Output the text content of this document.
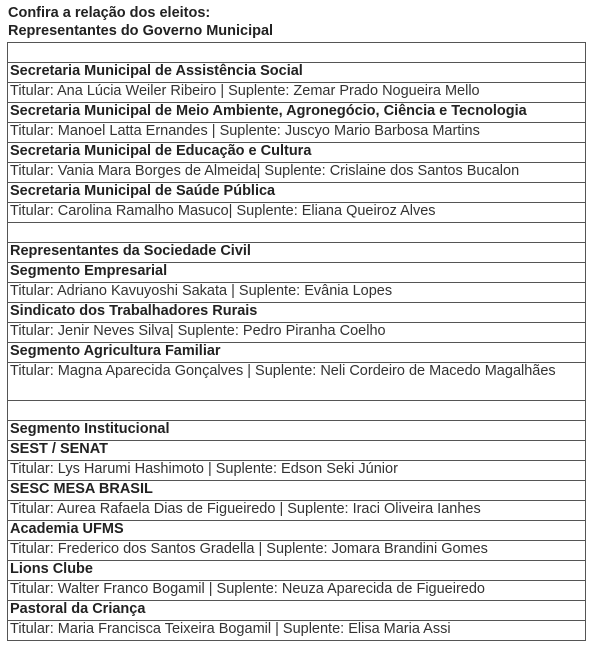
Confira a relação dos eleitos:
Representantes do Governo Municipal

Secretaria Municipal de Assistência Social
Titular: Ana Lúcia Weiler Ribeiro | Suplente: Zemar Prado Nogueira Mello
Secretaria Municipal de Meio Ambiente, Agronegócio, Ciência e Tecnologia
Titular: Manoel Latta Ernandes | Suplente: Juscyo Mario Barbosa Martins
Secretaria Municipal de Educação e Cultura
Titular: Vania Mara Borges de Almeida| Suplente: Crislaine dos Santos Bucalon
Secretaria Municipal de Saúde Pública
Titular: Carolina Ramalho Masuco| Suplente: Eliana Queiroz Alves

Representantes da Sociedade Civil
Segmento Empresarial
Titular: Adriano Kavuyoshi Sakata | Suplente: Evânia Lopes
Sindicato dos Trabalhadores Rurais
Titular: Jenir Neves Silva| Suplente: Pedro Piranha Coelho
Segmento Agricultura Familiar
Titular: Magna Aparecida Gonçalves | Suplente: Neli Cordeiro de Macedo Magalhães

Segmento Institucional
SEST / SENAT
Titular: Lys Harumi Hashimoto | Suplente: Edson Seki Júnior
SESC MESA BRASIL
Titular: Aurea Rafaela Dias de Figueiredo | Suplente: Iraci Oliveira Ianhes
Academia UFMS
Titular: Frederico dos Santos Gradella | Suplente: Jomara Brandini Gomes
Lions Clube
Titular: Walter Franco Bogamil | Suplente: Neuza Aparecida de Figueiredo
Pastoral da Criança
Titular: Maria Francisca Teixeira Bogamil | Suplente: Elisa Maria Assi
